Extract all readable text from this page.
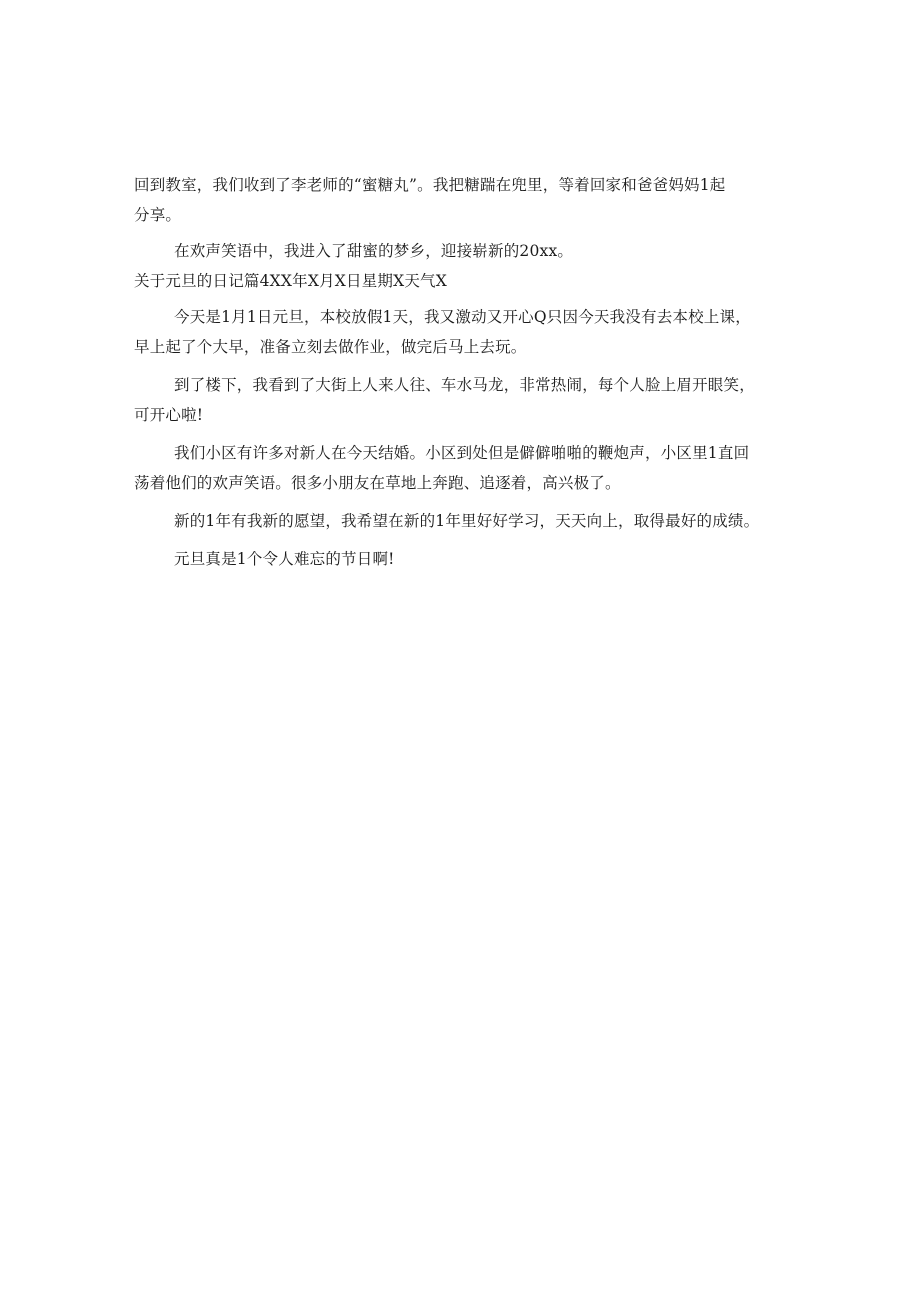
回到教室，我们收到了李老师的“蜜糖丸”。我把糖踹在兜里，等着回家和爸爸妈妈1起
分享。
在欢声笑语中，我进入了甜蜜的梦乡，迎接崭新的20xx。
关于元旦的日记篇4XX年X月X日星期X天气X
今天是1月1日元旦，本校放假1天，我又激动又开心Q只因今天我没有去本校上课，
早上起了个大早，准备立刻去做作业，做完后马上去玩。
到了楼下，我看到了大街上人来人往、车水马龙，非常热闹，每个人脸上眉开眼笑，
可开心啦!
我们小区有许多对新人在今天结婚。小区到处但是僻僻啪啪的鞭炮声，小区里1直回
荡着他们的欢声笑语。很多小朋友在草地上奔跑、追逐着，高兴极了。
新的1年有我新的愿望，我希望在新的1年里好好学习，天天向上，取得最好的成绩。
元旦真是1个令人难忘的节日啊!
